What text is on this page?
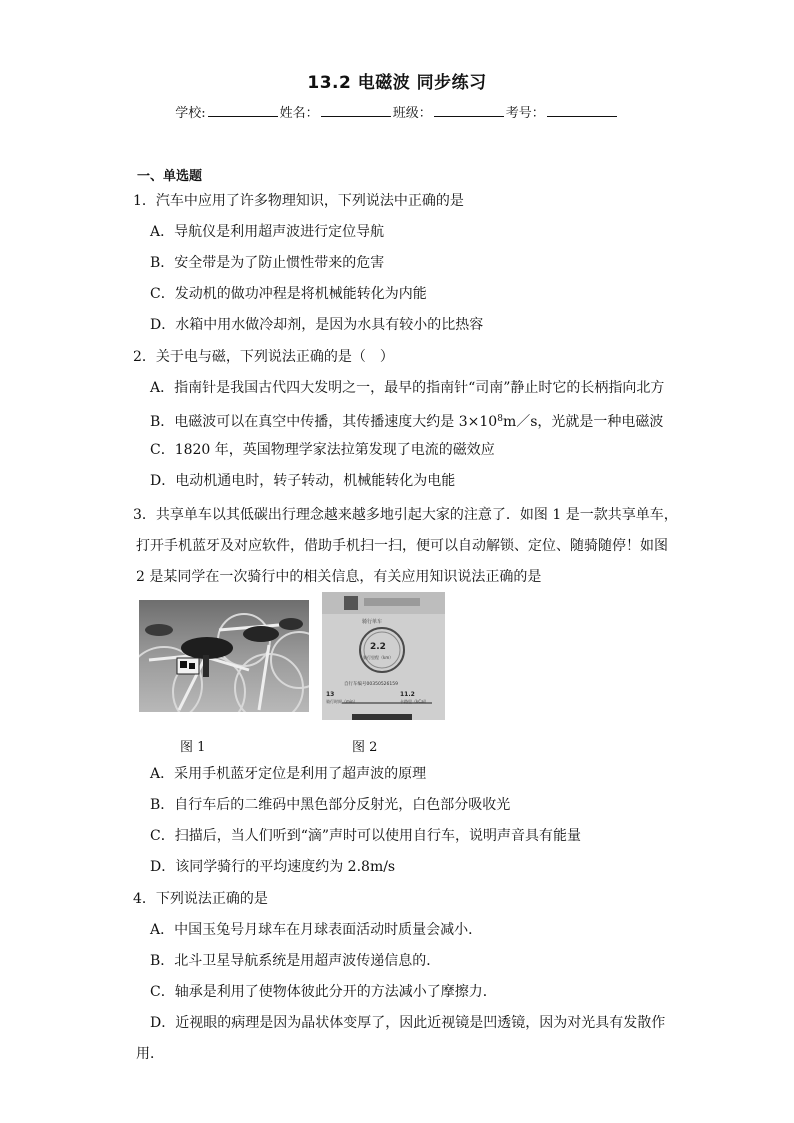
13.2 电磁波 同步练习
学校:	姓名：	班级：	考号：
一、单选题
1．汽车中应用了许多物理知识，下列说法中正确的是
A．导航仪是利用超声波进行定位导航
B．安全带是为了防止惯性带来的危害
C．发动机的做功冲程是将机械能转化为内能
D．水箱中用水做冷却剂，是因为水具有较小的比热容
2．关于电与磁，下列说法正确的是（　）
A．指南针是我国古代四大发明之一，最早的指南针“司南”静止时它的长柄指向北方
B．电磁波可以在真空中传播，其传播速度大约是 $3\times 10^8m/s$，光就是一种电磁波
C．1820 年，英国物理学家法拉第发现了电流的磁效应
D．电动机通电时，转子转动，机械能转化为电能
3．共享单车以其低碳出行理念越来越多地引起大家的注意了．如图 1 是一款共享单车，
打开手机蓝牙及对应软件，借助手机扫一扫，便可以自动解锁、定位、随骑随停！如图
2 是某同学在一次骑行中的相关信息，有关应用知识说法正确的是
骑行单车
2.2
骑行里程（km）
自行车编号00350526159
13
骑行时间（min）
11.2
卡路里（kCal）
图 1	图 2
A．采用手机蓝牙定位是利用了超声波的原理
B．自行车后的二维码中黑色部分反射光，白色部分吸收光
C．扫描后，当人们听到“滴”声时可以使用自行车，说明声音具有能量
D．该同学骑行的平均速度约为 2.8m/s
4．下列说法正确的是
A．中国玉兔号月球车在月球表面活动时质量会减小．
B．北斗卫星导航系统是用超声波传递信息的．
C．轴承是利用了使物体彼此分开的方法减小了摩擦力．
D．近视眼的病理是因为晶状体变厚了，因此近视镜是凹透镜，因为对光具有发散作
用．
